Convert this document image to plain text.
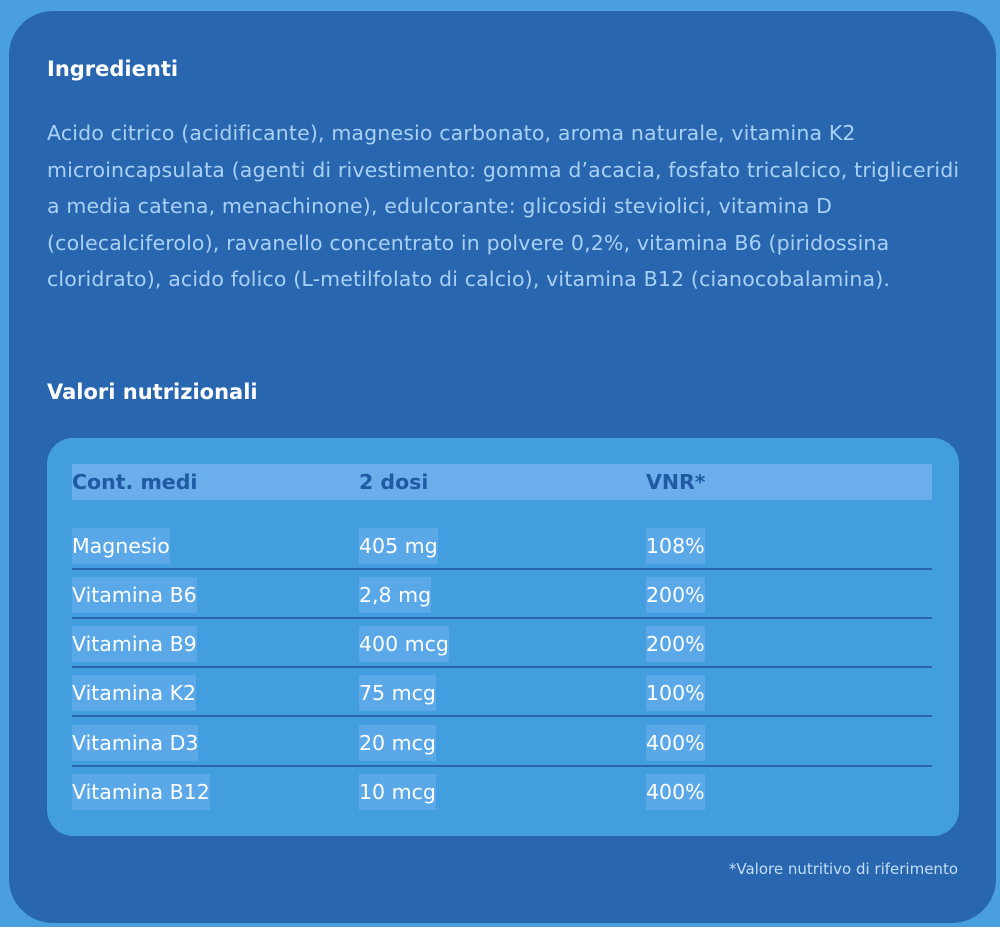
Ingredienti

Acido citrico (acidificante), magnesio carbonato, aroma naturale, vitamina K2 microincapsulata (agenti di rivestimento: gomma d’acacia, fosfato tricalcico, trigliceridi a media catena, menachinone), edulcorante: glicosidi steviolici, vitamina D (colecalciferolo), ravanello concentrato in polvere 0,2%, vitamina B6 (piridossina cloridrato), acido folico (L-metilfolato di calcio), vitamina B12 (cianocobalamina).

Valori nutrizionali
Cont. medi	2 dosi	VNR*
Magnesio	405 mg	108%
Vitamina B6	2,8 mg	200%
Vitamina B9	400 mcg	200%
Vitamina K2	75 mcg	100%
Vitamina D3	20 mcg	400%
Vitamina B12	10 mcg	400%

*Valore nutritivo di riferimento
